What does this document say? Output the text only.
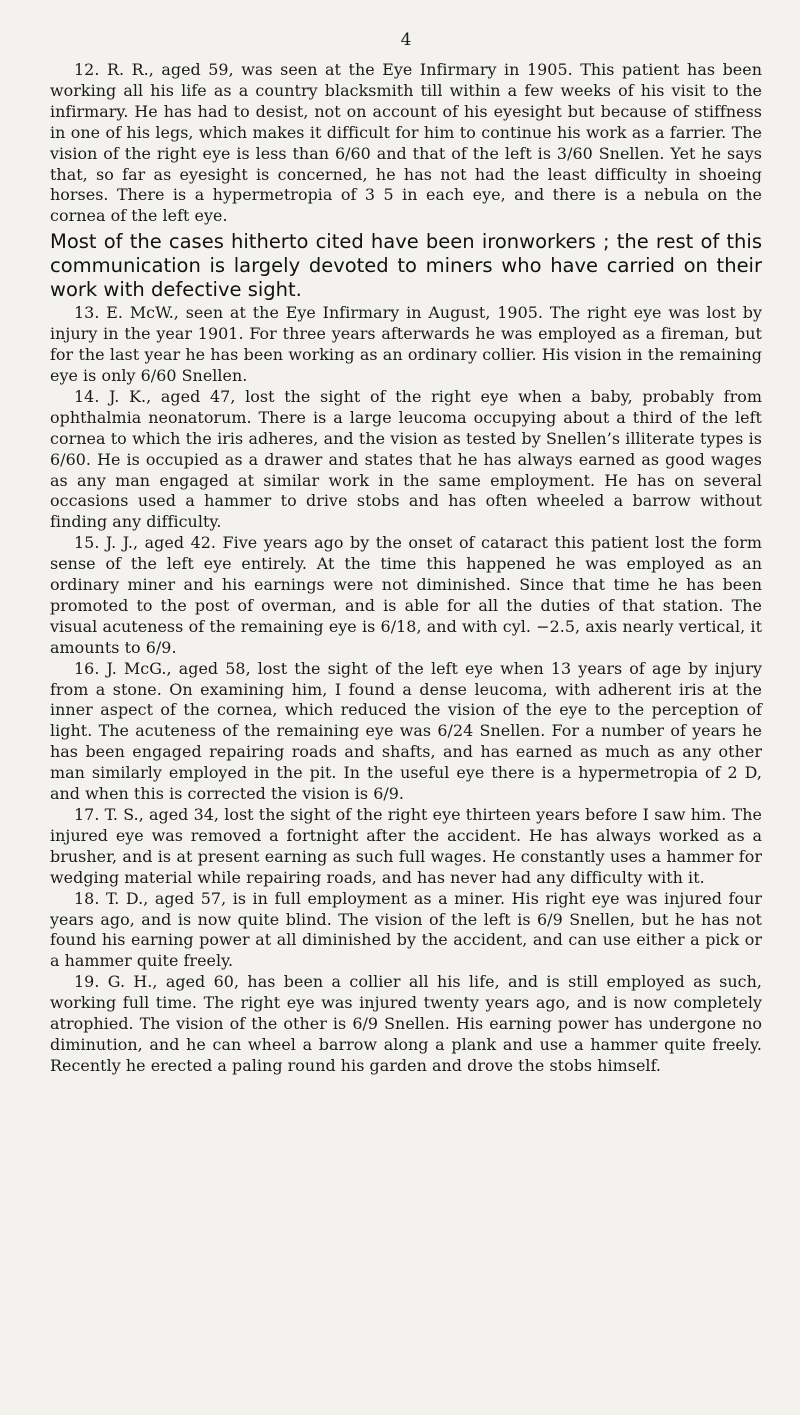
4

12. R. R., aged 59, was seen at the Eye Infirmary in 1905. This patient has been working all his life as a country blacksmith till within a few weeks of his visit to the infirmary. He has had to desist, not on account of his eyesight but because of stiffness in one of his legs, which makes it difficult for him to continue his work as a farrier. The vision of the right eye is less than 6/60 and that of the left is 3/60 Snellen. Yet he says that, so far as eyesight is concerned, he has not had the least difficulty in shoeing horses. There is a hypermetropia of 3 5 in each eye, and there is a nebula on the cornea of the left eye.

Most of the cases hitherto cited have been ironworkers ; the rest of this communication is largely devoted to miners who have carried on their work with defective sight.

13. E. McW., seen at the Eye Infirmary in August, 1905. The right eye was lost by injury in the year 1901. For three years afterwards he was employed as a fireman, but for the last year he has been working as an ordinary collier. His vision in the remaining eye is only 6/60 Snellen.

14. J. K., aged 47, lost the sight of the right eye when a baby, probably from ophthalmia neonatorum. There is a large leucoma occupying about a third of the left cornea to which the iris adheres, and the vision as tested by Snellen’s illiterate types is 6/60. He is occupied as a drawer and states that he has always earned as good wages as any man engaged at similar work in the same employment. He has on several occasions used a hammer to drive stobs and has often wheeled a barrow without finding any difficulty.

15. J. J., aged 42. Five years ago by the onset of cataract this patient lost the form sense of the left eye entirely. At the time this happened he was employed as an ordinary miner and his earnings were not diminished. Since that time he has been promoted to the post of overman, and is able for all the duties of that station. The visual acuteness of the remaining eye is 6/18, and with cyl. −2.5, axis nearly vertical, it amounts to 6/9.

16. J. McG., aged 58, lost the sight of the left eye when 13 years of age by injury from a stone. On examining him, I found a dense leucoma, with adherent iris at the inner aspect of the cornea, which reduced the vision of the eye to the perception of light. The acuteness of the remaining eye was 6/24 Snellen. For a number of years he has been engaged repairing roads and shafts, and has earned as much as any other man similarly employed in the pit. In the useful eye there is a hypermetropia of 2 D, and when this is corrected the vision is 6/9.

17. T. S., aged 34, lost the sight of the right eye thirteen years before I saw him. The injured eye was removed a fortnight after the accident. He has always worked as a brusher, and is at present earning as such full wages. He constantly uses a hammer for wedging material while repairing roads, and has never had any difficulty with it.

18. T. D., aged 57, is in full employment as a miner. His right eye was injured four years ago, and is now quite blind. The vision of the left is 6/9 Snellen, but he has not found his earning power at all diminished by the accident, and can use either a pick or a hammer quite freely.

19. G. H., aged 60, has been a collier all his life, and is still employed as such, working full time. The right eye was injured twenty years ago, and is now completely atrophied. The vision of the other is 6/9 Snellen. His earning power has undergone no diminution, and he can wheel a barrow along a plank and use a hammer quite freely. Recently he erected a paling round his garden and drove the stobs himself.
